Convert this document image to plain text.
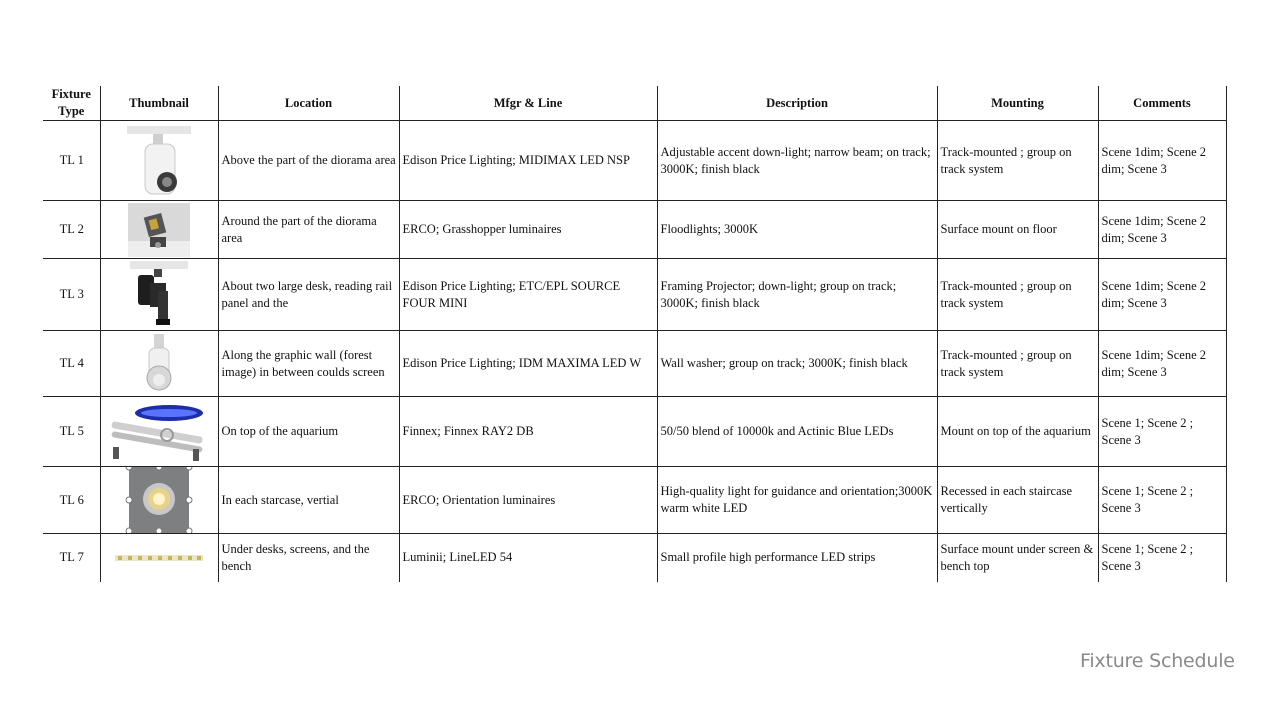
Fixture Type	Thumbnail	Location	Mfgr & Line	Description	Mounting	Comments
TL 1		Above the part of the diorama area	Edison Price Lighting; MIDIMAX LED NSP	Adjustable accent down-light; narrow beam; on track; 3000K; finish black	Track-mounted ; group on track system	Scene 1dim; Scene 2 dim; Scene 3
TL 2		Around the part of the diorama area	ERCO; Grasshopper luminaires	Floodlights; 3000K	Surface mount on floor	Scene 1dim; Scene 2 dim; Scene 3
TL 3		About two large desk, reading rail panel and the	Edison Price Lighting; ETC/EPL SOURCE FOUR MINI	Framing Projector; down-light; group on track; 3000K; finish black	Track-mounted ; group on track system	Scene 1dim; Scene 2 dim; Scene 3
TL 4		Along the graphic wall (forest image) in between coulds screen	Edison Price Lighting; IDM MAXIMA LED W	Wall washer; group on track; 3000K; finish black	Track-mounted ; group on track system	Scene 1dim; Scene 2 dim; Scene 3
TL 5		On top of the aquarium	Finnex; Finnex RAY2 DB	50/50 blend of 10000k and Actinic Blue LEDs	Mount on top of the aquarium	Scene 1; Scene 2 ; Scene 3
TL 6		In each starcase, vertial	ERCO; Orientation luminaires	High-quality light for guidance and orientation;3000K warm white LED	Recessed in each staircase vertically	Scene 1; Scene 2 ; Scene 3
TL 7		Under desks, screens, and the bench	Luminii; LineLED 54	Small profile high performance LED strips	Surface mount under screen & bench top	Scene 1; Scene 2 ; Scene 3
Fixture Schedule
